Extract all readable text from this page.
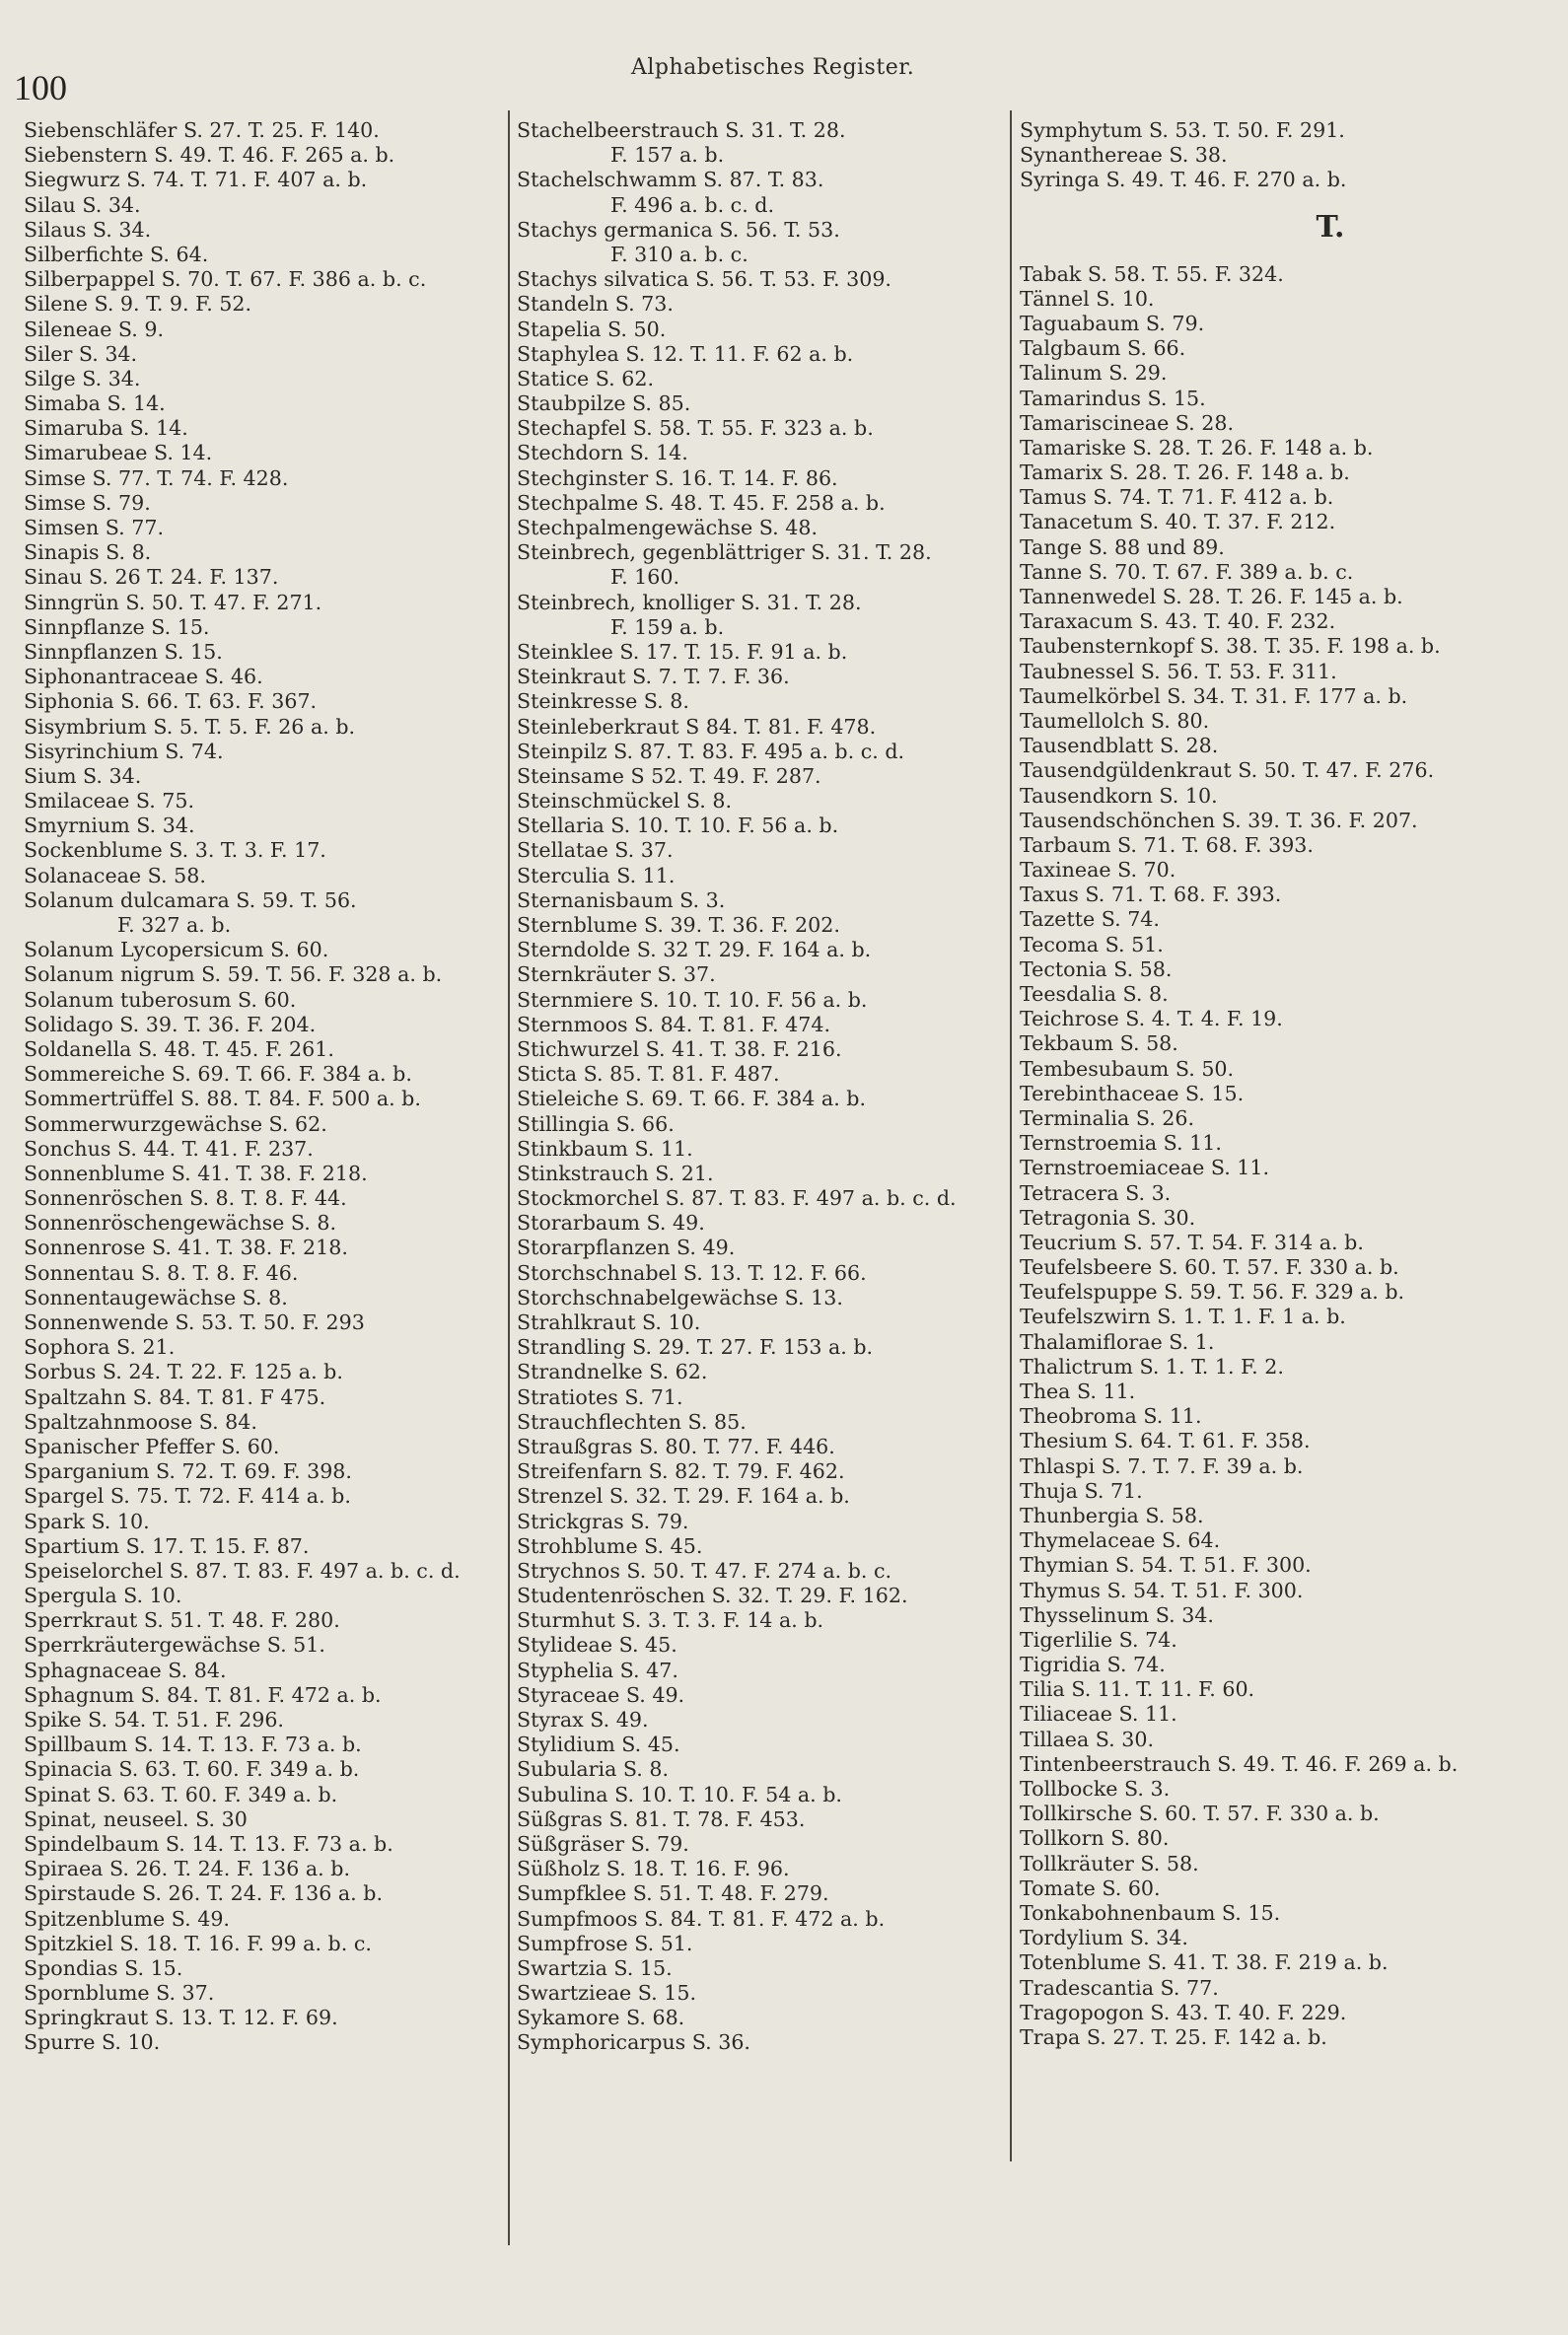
100
Alphabetisches Register.
Siebenschläfer S. 27. T. 25. F. 140.
Siebenstern S. 49. T. 46. F. 265 a. b.
Siegwurz S. 74. T. 71. F. 407 a. b.
Silau S. 34.
Silaus S. 34.
Silberfichte S. 64.
Silberpappel S. 70. T. 67. F. 386 a. b. c.
Silene S. 9. T. 9. F. 52.
Sileneae S. 9.
Siler S. 34.
Silge S. 34.
Simaba S. 14.
Simaruba S. 14.
Simarubeae S. 14.
Simse S. 77. T. 74. F. 428.
Simse S. 79.
Simsen S. 77.
Sinapis S. 8.
Sinau S. 26 T. 24. F. 137.
Sinngrün S. 50. T. 47. F. 271.
Sinnpflanze S. 15.
Sinnpflanzen S. 15.
Siphonantraceae S. 46.
Siphonia S. 66. T. 63. F. 367.
Sisymbrium S. 5. T. 5. F. 26 a. b.
Sisyrinchium S. 74.
Sium S. 34.
Smilaceae S. 75.
Smyrnium S. 34.
Sockenblume S. 3. T. 3. F. 17.
Solanaceae S. 58.
Solanum dulcamara S. 59. T. 56.
F. 327 a. b.
Solanum Lycopersicum S. 60.
Solanum nigrum S. 59. T. 56. F. 328 a. b.
Solanum tuberosum S. 60.
Solidago S. 39. T. 36. F. 204.
Soldanella S. 48. T. 45. F. 261.
Sommereiche S. 69. T. 66. F. 384 a. b.
Sommertrüffel S. 88. T. 84. F. 500 a. b.
Sommerwurzgewächse S. 62.
Sonchus S. 44. T. 41. F. 237.
Sonnenblume S. 41. T. 38. F. 218.
Sonnenröschen S. 8. T. 8. F. 44.
Sonnenröschengewächse S. 8.
Sonnenrose S. 41. T. 38. F. 218.
Sonnentau S. 8. T. 8. F. 46.
Sonnentaugewächse S. 8.
Sonnenwende S. 53. T. 50. F. 293
Sophora S. 21.
Sorbus S. 24. T. 22. F. 125 a. b.
Spaltzahn S. 84. T. 81. F 475.
Spaltzahnmoose S. 84.
Spanischer Pfeffer S. 60.
Sparganium S. 72. T. 69. F. 398.
Spargel S. 75. T. 72. F. 414 a. b.
Spark S. 10.
Spartium S. 17. T. 15. F. 87.
Speiselorchel S. 87. T. 83. F. 497 a. b. c. d.
Spergula S. 10.
Sperrkraut S. 51. T. 48. F. 280.
Sperrkräutergewächse S. 51.
Sphagnaceae S. 84.
Sphagnum S. 84. T. 81. F. 472 a. b.
Spike S. 54. T. 51. F. 296.
Spillbaum S. 14. T. 13. F. 73 a. b.
Spinacia S. 63. T. 60. F. 349 a. b.
Spinat S. 63. T. 60. F. 349 a. b.
Spinat, neuseel. S. 30
Spindelbaum S. 14. T. 13. F. 73 a. b.
Spiraea S. 26. T. 24. F. 136 a. b.
Spirstaude S. 26. T. 24. F. 136 a. b.
Spitzenblume S. 49.
Spitzkiel S. 18. T. 16. F. 99 a. b. c.
Spondias S. 15.
Spornblume S. 37.
Springkraut S. 13. T. 12. F. 69.
Spurre S. 10.
Stachelbeerstrauch S. 31. T. 28.
F. 157 a. b.
Stachelschwamm S. 87. T. 83.
F. 496 a. b. c. d.
Stachys germanica S. 56. T. 53.
F. 310 a. b. c.
Stachys silvatica S. 56. T. 53. F. 309.
Standeln S. 73.
Stapelia S. 50.
Staphylea S. 12. T. 11. F. 62 a. b.
Statice S. 62.
Staubpilze S. 85.
Stechapfel S. 58. T. 55. F. 323 a. b.
Stechdorn S. 14.
Stechginster S. 16. T. 14. F. 86.
Stechpalme S. 48. T. 45. F. 258 a. b.
Stechpalmengewächse S. 48.
Steinbrech, gegenblättriger S. 31. T. 28.
F. 160.
Steinbrech, knolliger S. 31. T. 28.
F. 159 a. b.
Steinklee S. 17. T. 15. F. 91 a. b.
Steinkraut S. 7. T. 7. F. 36.
Steinkresse S. 8.
Steinleberkraut S 84. T. 81. F. 478.
Steinpilz S. 87. T. 83. F. 495 a. b. c. d.
Steinsame S 52. T. 49. F. 287.
Steinschmückel S. 8.
Stellaria S. 10. T. 10. F. 56 a. b.
Stellatae S. 37.
Sterculia S. 11.
Sternanisbaum S. 3.
Sternblume S. 39. T. 36. F. 202.
Sterndolde S. 32 T. 29. F. 164 a. b.
Sternkräuter S. 37.
Sternmiere S. 10. T. 10. F. 56 a. b.
Sternmoos S. 84. T. 81. F. 474.
Stichwurzel S. 41. T. 38. F. 216.
Sticta S. 85. T. 81. F. 487.
Stieleiche S. 69. T. 66. F. 384 a. b.
Stillingia S. 66.
Stinkbaum S. 11.
Stinkstrauch S. 21.
Stockmorchel S. 87. T. 83. F. 497 a. b. c. d.
Storarbaum S. 49.
Storarpflanzen S. 49.
Storchschnabel S. 13. T. 12. F. 66.
Storchschnabelgewächse S. 13.
Strahlkraut S. 10.
Strandling S. 29. T. 27. F. 153 a. b.
Strandnelke S. 62.
Stratiotes S. 71.
Strauchflechten S. 85.
Straußgras S. 80. T. 77. F. 446.
Streifenfarn S. 82. T. 79. F. 462.
Strenzel S. 32. T. 29. F. 164 a. b.
Strickgras S. 79.
Strohblume S. 45.
Strychnos S. 50. T. 47. F. 274 a. b. c.
Studentenröschen S. 32. T. 29. F. 162.
Sturmhut S. 3. T. 3. F. 14 a. b.
Stylideae S. 45.
Styphelia S. 47.
Styraceae S. 49.
Styrax S. 49.
Stylidium S. 45.
Subularia S. 8.
Subulina S. 10. T. 10. F. 54 a. b.
Süßgras S. 81. T. 78. F. 453.
Süßgräser S. 79.
Süßholz S. 18. T. 16. F. 96.
Sumpfklee S. 51. T. 48. F. 279.
Sumpfmoos S. 84. T. 81. F. 472 a. b.
Sumpfrose S. 51.
Swartzia S. 15.
Swartzieae S. 15.
Sykamore S. 68.
Symphoricarpus S. 36.
Symphytum S. 53. T. 50. F. 291.
Synanthereae S. 38.
Syringa S. 49. T. 46. F. 270 a. b.
T.
Tabak S. 58. T. 55. F. 324.
Tännel S. 10.
Taguabaum S. 79.
Talgbaum S. 66.
Talinum S. 29.
Tamarindus S. 15.
Tamariscineae S. 28.
Tamariske S. 28. T. 26. F. 148 a. b.
Tamarix S. 28. T. 26. F. 148 a. b.
Tamus S. 74. T. 71. F. 412 a. b.
Tanacetum S. 40. T. 37. F. 212.
Tange S. 88 und 89.
Tanne S. 70. T. 67. F. 389 a. b. c.
Tannenwedel S. 28. T. 26. F. 145 a. b.
Taraxacum S. 43. T. 40. F. 232.
Taubensternkopf S. 38. T. 35. F. 198 a. b.
Taubnessel S. 56. T. 53. F. 311.
Taumelkörbel S. 34. T. 31. F. 177 a. b.
Taumellolch S. 80.
Tausendblatt S. 28.
Tausendgüldenkraut S. 50. T. 47. F. 276.
Tausendkorn S. 10.
Tausendschönchen S. 39. T. 36. F. 207.
Tarbaum S. 71. T. 68. F. 393.
Taxineae S. 70.
Taxus S. 71. T. 68. F. 393.
Tazette S. 74.
Tecoma S. 51.
Tectonia S. 58.
Teesdalia S. 8.
Teichrose S. 4. T. 4. F. 19.
Tekbaum S. 58.
Tembesubaum S. 50.
Terebinthaceae S. 15.
Terminalia S. 26.
Ternstroemia S. 11.
Ternstroemiaceae S. 11.
Tetracera S. 3.
Tetragonia S. 30.
Teucrium S. 57. T. 54. F. 314 a. b.
Teufelsbeere S. 60. T. 57. F. 330 a. b.
Teufelspuppe S. 59. T. 56. F. 329 a. b.
Teufelszwirn S. 1. T. 1. F. 1 a. b.
Thalamiflorae S. 1.
Thalictrum S. 1. T. 1. F. 2.
Thea S. 11.
Theobroma S. 11.
Thesium S. 64. T. 61. F. 358.
Thlaspi S. 7. T. 7. F. 39 a. b.
Thuja S. 71.
Thunbergia S. 58.
Thymelaceae S. 64.
Thymian S. 54. T. 51. F. 300.
Thymus S. 54. T. 51. F. 300.
Thysselinum S. 34.
Tigerlilie S. 74.
Tigridia S. 74.
Tilia S. 11. T. 11. F. 60.
Tiliaceae S. 11.
Tillaea S. 30.
Tintenbeerstrauch S. 49. T. 46. F. 269 a. b.
Tollbocke S. 3.
Tollkirsche S. 60. T. 57. F. 330 a. b.
Tollkorn S. 80.
Tollkräuter S. 58.
Tomate S. 60.
Tonkabohnenbaum S. 15.
Tordylium S. 34.
Totenblume S. 41. T. 38. F. 219 a. b.
Tradescantia S. 77.
Tragopogon S. 43. T. 40. F. 229.
Trapa S. 27. T. 25. F. 142 a. b.
